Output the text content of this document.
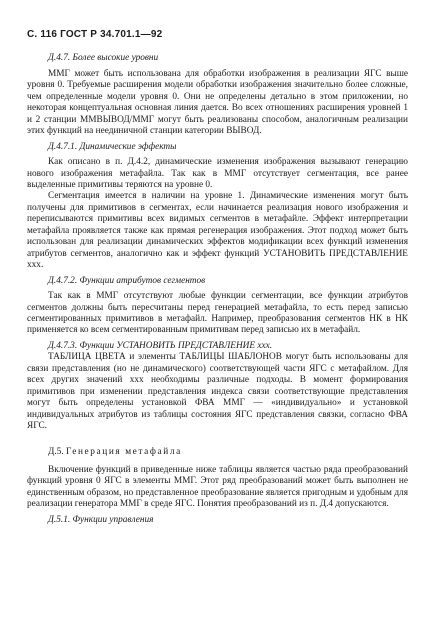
С. 116 ГОСТ Р 34.701.1—92
Д.4.7. Более высокие уровни

ММГ может быть использована для обработки изображения в реализации ЯГС выше уровня 0. Требуемые расширения модели обработки изображения значительно более сложные, чем определенные модели уровня 0. Они не определены детально в этом приложении, но некоторая концептуальная основная линия дается. Во всех отношениях расширения уровней 1 и 2 станции ММВЫВОД/ММГ могут быть реализованы способом, аналогичным реализации этих функций на неединичной станции категории ВЫВОД.

Д.4.7.1. Динамические эффекты

Как описано в п. Д.4.2, динамические изменения изображения вызывают генерацию нового изображения метафайла. Так как в ММГ отсутствует сегментация, все ранее выделенные примитивы теряются на уровне 0.

Сегментация имеется в наличии на уровне 1. Динамические изменения могут быть получены для примитивов в сегментах, если начинается реализация нового изображения и переписываются примитивы всех видимых сегментов в метафайле. Эффект интерпретации метафайла проявляется также как прямая регенерация изображения. Этот подход может быть использован для реализации динамических эффектов модификации всех функций изменения атрибутов сегментов, аналогично как и эффект функций УСТАНОВИТЬ ПРЕДСТАВЛЕНИЕ xxx.

Д.4.7.2. Функции атрибутов сегментов

Так как в ММГ отсутствуют любые функции сегментации, все функции атрибутов сегментов должны быть пересчитаны перед генерацией метафайла, то есть перед записью сегментированных примитивов в метафайл. Например, преобразования сегментов НК в НК применяется ко всем сегментированным примитивам перед записью их в метафайл.

Д.4.7.3. Функции УСТАНОВИТЬ ПРЕДСТАВЛЕНИЕ xxx.

ТАБЛИЦА ЦВЕТА и элементы ТАБЛИЦЫ ШАБЛОНОВ могут быть использованы для связи представления (но не динамического) соответствующей части ЯГС с метафайлом. Для всех других значений ххх необходимы различные подходы. В момент формирования примитивов при изменении представления индекса связи соответствующие представления могут быть определены установкой ФВА ММГ — «индивидуально» и установкой индивидуальных атрибутов из таблицы состояния ЯГС представления связки, согласно ФВА ЯГС.

Д.5. Генерация метафайла

Включение функций в приведенные ниже таблицы является частью ряда преобразований функций уровня 0 ЯГС в элементы ММГ. Этот ряд преобразований может быть выполнен не единственным образом, но представленное преобразование является пригодным и удобным для реализации генератора ММГ в среде ЯГС. Понятия преобразований из п. Д.4 допускаются.

Д.5.1. Функции управления
